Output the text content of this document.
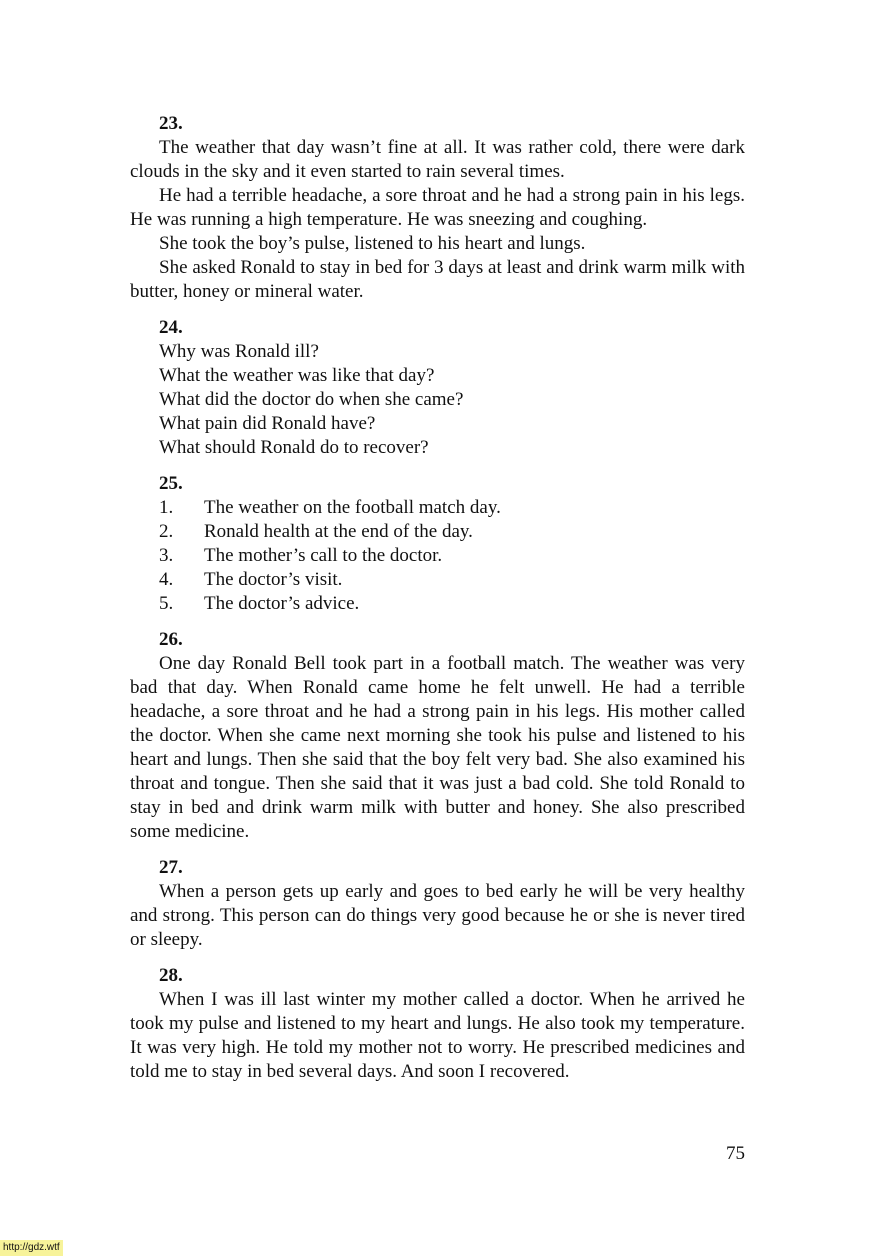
23.

The weather that day wasn’t fine at all. It was rather cold, there were dark clouds in the sky and it even started to rain several times.

He had a terrible headache, a sore throat and he had a strong pain in his legs. He was running a high temperature. He was sneezing and coughing.

She took the boy’s pulse, listened to his heart and lungs.

She asked Ronald to stay in bed for 3 days at least and drink warm milk with butter, honey or mineral water.

24.
Why was Ronald ill?
What the weather was like that day?
What did the doctor do when she came?
What pain did Ronald have?
What should Ronald do to recover?
25.
1. The weather on the football match day.
2. Ronald health at the end of the day.
3. The mother’s call to the doctor.
4. The doctor’s visit.
5. The doctor’s advice.
26.

One day Ronald Bell took part in a football match. The weather was very bad that day. When Ronald came home he felt unwell. He had a terrible headache, a sore throat and he had a strong pain in his legs. His mother called the doctor. When she came next morning she took his pulse and listened to his heart and lungs. Then she said that the boy felt very bad. She also examined his throat and tongue. Then she said that it was just a bad cold. She told Ronald to stay in bed and drink warm milk with butter and honey. She also prescribed some medicine.

27.

When a person gets up early and goes to bed early he will be very healthy and strong. This person can do things very good because he or she is never tired or sleepy.

28.

When I was ill last winter my mother called a doctor. When he arrived he took my pulse and listened to my heart and lungs. He also took my temperature. It was very high. He told my mother not to worry. He prescribed medicines and told me to stay in bed several days. And soon I recovered.

75
http://gdz.wtf
